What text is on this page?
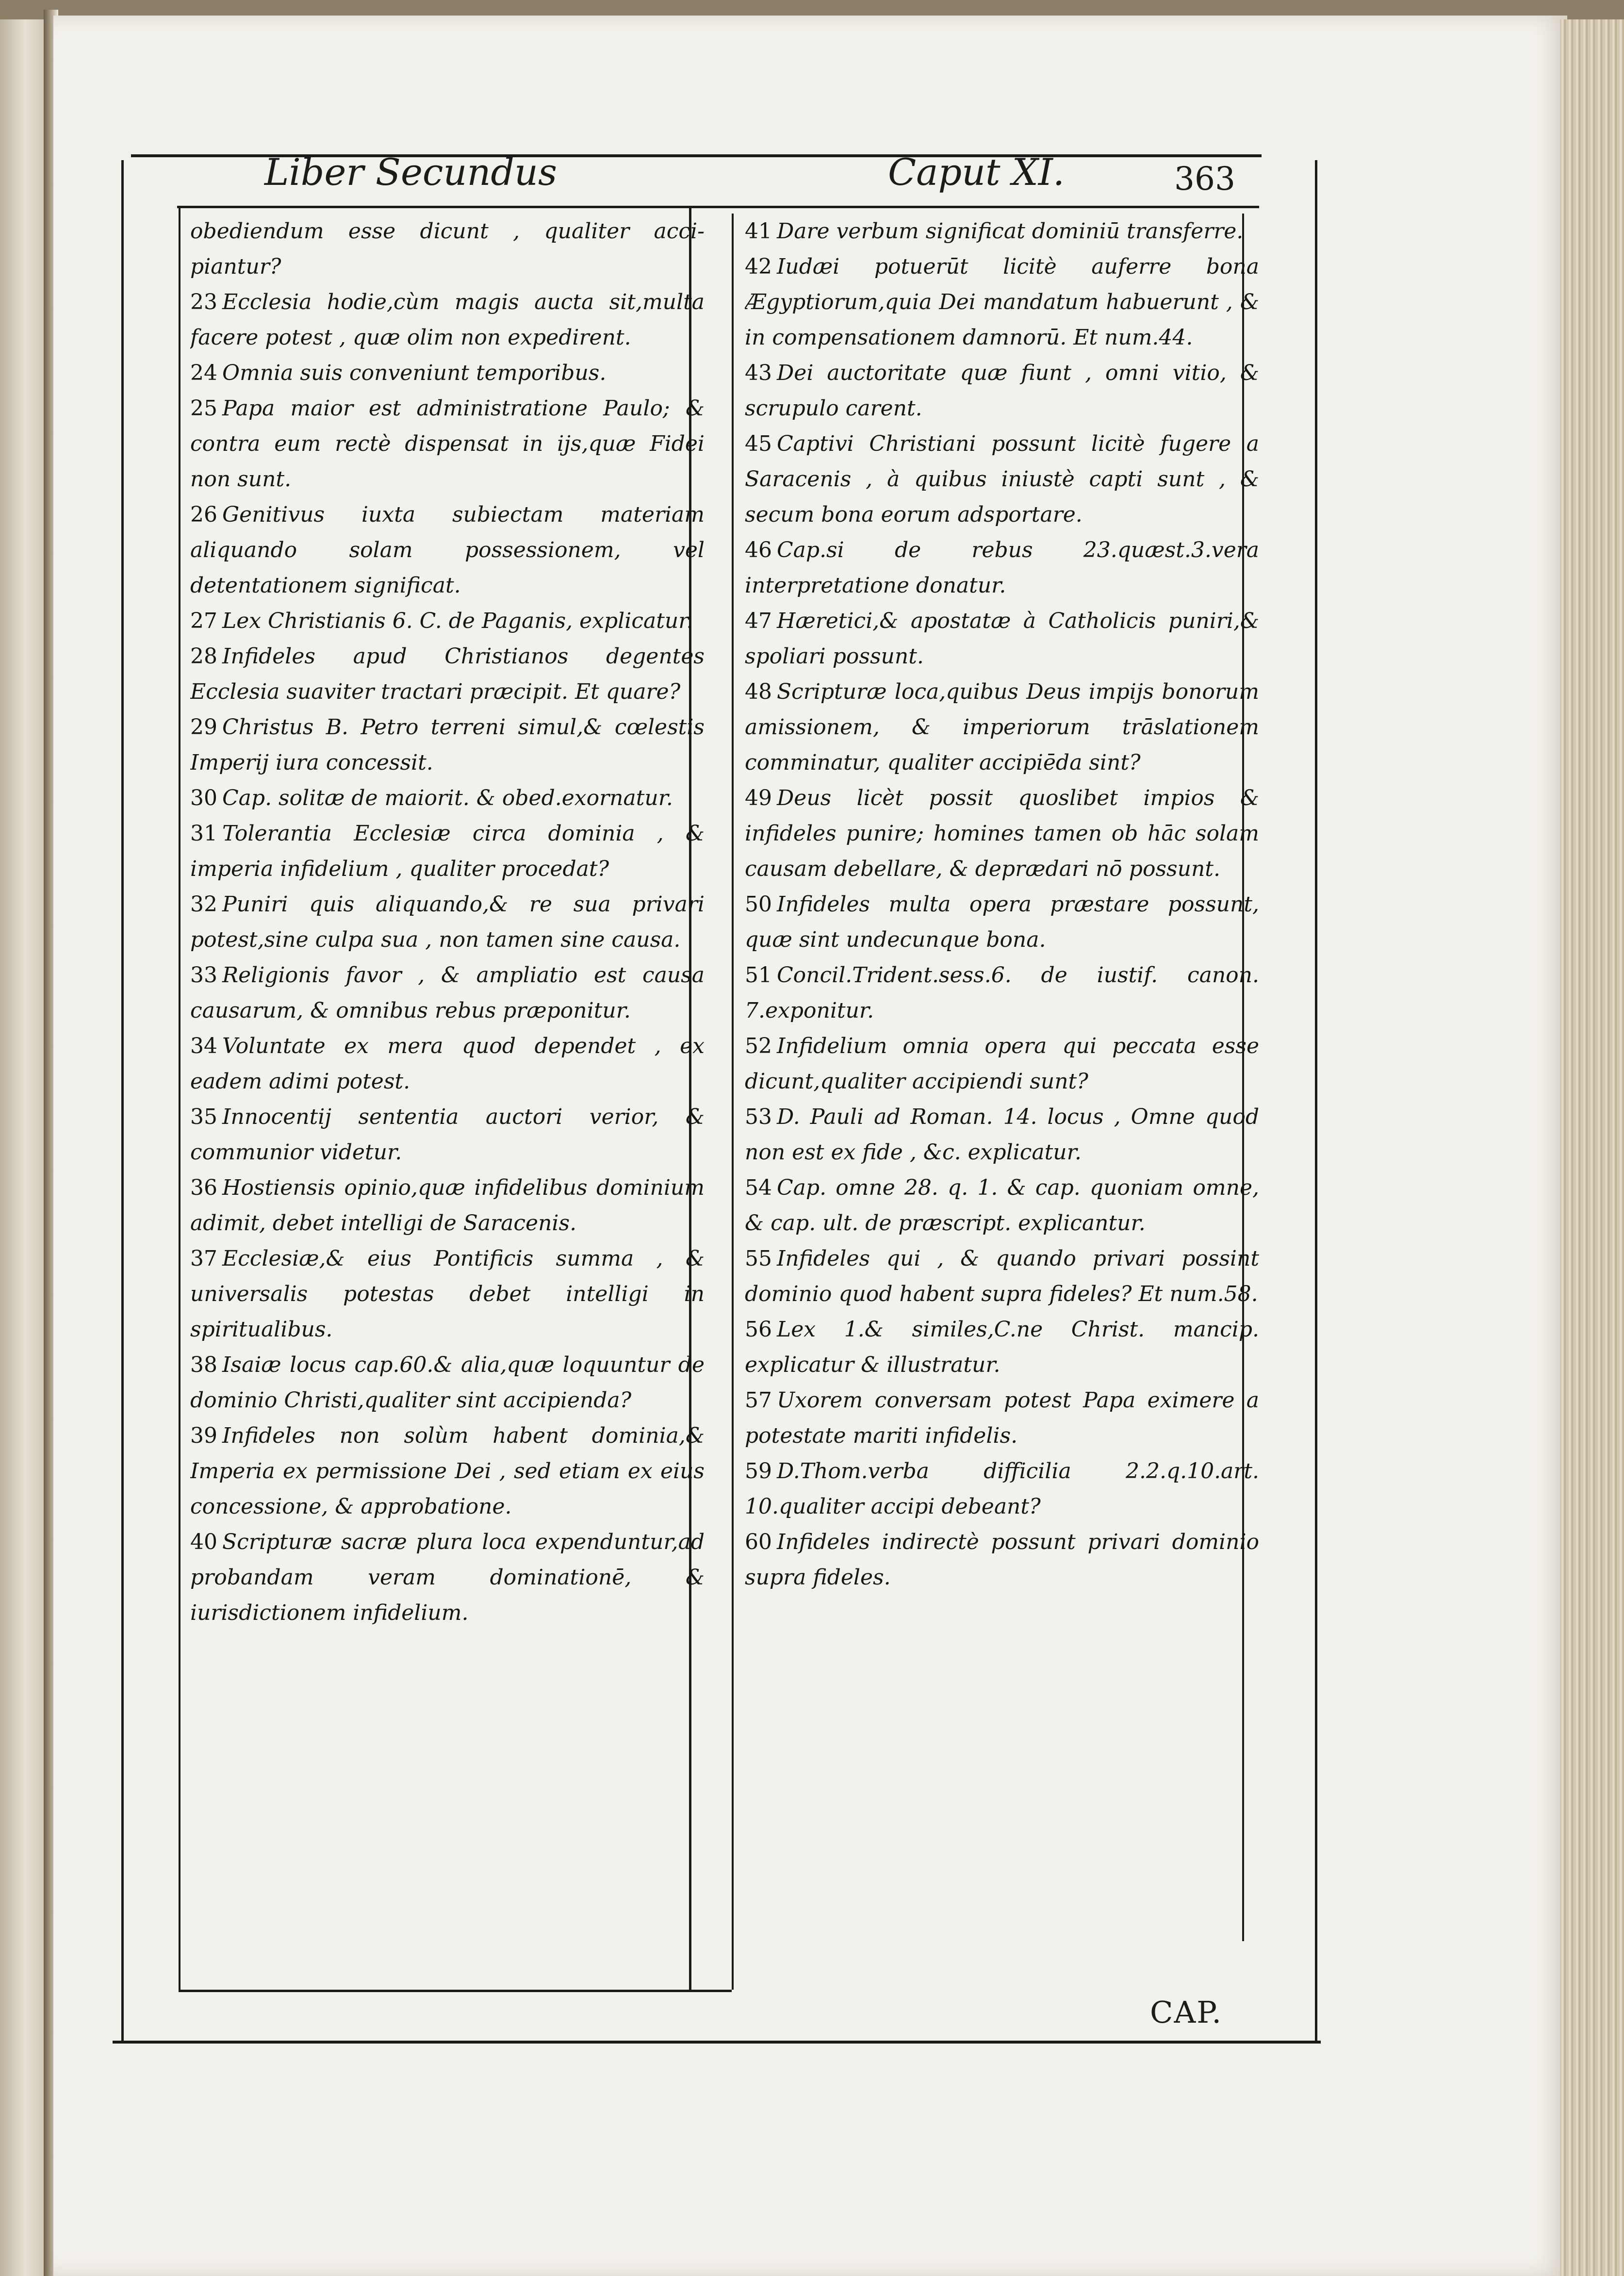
Liber Secundus	Caput XI.	363

obediendum esse dicunt , qualiter acci-piantur?

23 Ecclesia hodie,cùm magis aucta sit,multa facere potest , quæ olim non expedirent.

24 Omnia suis conveniunt temporibus.

25 Papa maior est administratione Paulo; & contra eum rectè dispensat in ijs,quæ Fidei non sunt.

26 Genitivus iuxta subiectam materiam aliquando solam possessionem, vel detentationem significat.

27 Lex Christianis 6. C. de Paganis, explicatur.

28 Infideles apud Christianos degentes Ecclesia suaviter tractari præcipit. Et quare?

29 Christus B. Petro terreni simul,& cœlestis Imperij iura concessit.

30 Cap. solitæ de maiorit. & obed.exornatur.

31 Tolerantia Ecclesiæ circa dominia , & imperia infidelium , qualiter procedat?

32 Puniri quis aliquando,& re sua privari potest,sine culpa sua , non tamen sine causa.

33 Religionis favor , & ampliatio est causa causarum, & omnibus rebus præponitur.

34 Voluntate ex mera quod dependet , ex eadem adimi potest.

35 Innocentij sententia auctori verior, & communior videtur.

36 Hostiensis opinio,quæ infidelibus dominium adimit, debet intelligi de Saracenis.

37 Ecclesiæ,& eius Pontificis summa , & universalis potestas debet intelligi in spiritualibus.

38 Isaiæ locus cap.60.& alia,quæ loquuntur de dominio Christi,qualiter sint accipienda?

39 Infideles non solùm habent dominia,& Imperia ex permissione Dei , sed etiam ex eius concessione, & approbatione.

40 Scripturæ sacræ plura loca expenduntur,ad probandam veram dominationē, & iurisdictionem infidelium.

41 Dare verbum significat dominiū transferre.

42 Iudæi potuerūt licitè auferre bona Ægyptiorum,quia Dei mandatum habuerunt , & in compensationem damnorū. Et num.44.

43 Dei auctoritate quæ fiunt , omni vitio, & scrupulo carent.

45 Captivi Christiani possunt licitè fugere a Saracenis , à quibus iniustè capti sunt , & secum bona eorum adsportare.

46 Cap.si de rebus 23.quæst.3.vera interpretatione donatur.

47 Hæretici,& apostatæ à Catholicis puniri,& spoliari possunt.

48 Scripturæ loca,quibus Deus impijs bonorum amissionem, & imperiorum trāslationem comminatur, qualiter accipiēda sint?

49 Deus licèt possit quoslibet impios & infideles punire; homines tamen ob hāc solam causam debellare, & deprædari nō possunt.

50 Infideles multa opera præstare possunt, quæ sint undecunque bona.

51 Concil.Trident.sess.6. de iustif. canon. 7.exponitur.

52 Infidelium omnia opera qui peccata esse dicunt,qualiter accipiendi sunt?

53 D. Pauli ad Roman. 14. locus , Omne quod non est ex fide , &c. explicatur.

54 Cap. omne 28. q. 1. & cap. quoniam omne, & cap. ult. de præscript. explicantur.

55 Infideles qui , & quando privari possint dominio quod habent supra fideles? Et num.58.

56 Lex 1.& similes,C.ne Christ. mancip. explicatur & illustratur.

57 Uxorem conversam potest Papa eximere a potestate mariti infidelis.

59 D.Thom.verba difficilia 2.2.q.10.art. 10.qualiter accipi debeant?

60 Infideles indirectè possunt privari dominio supra fideles.

CAP.
